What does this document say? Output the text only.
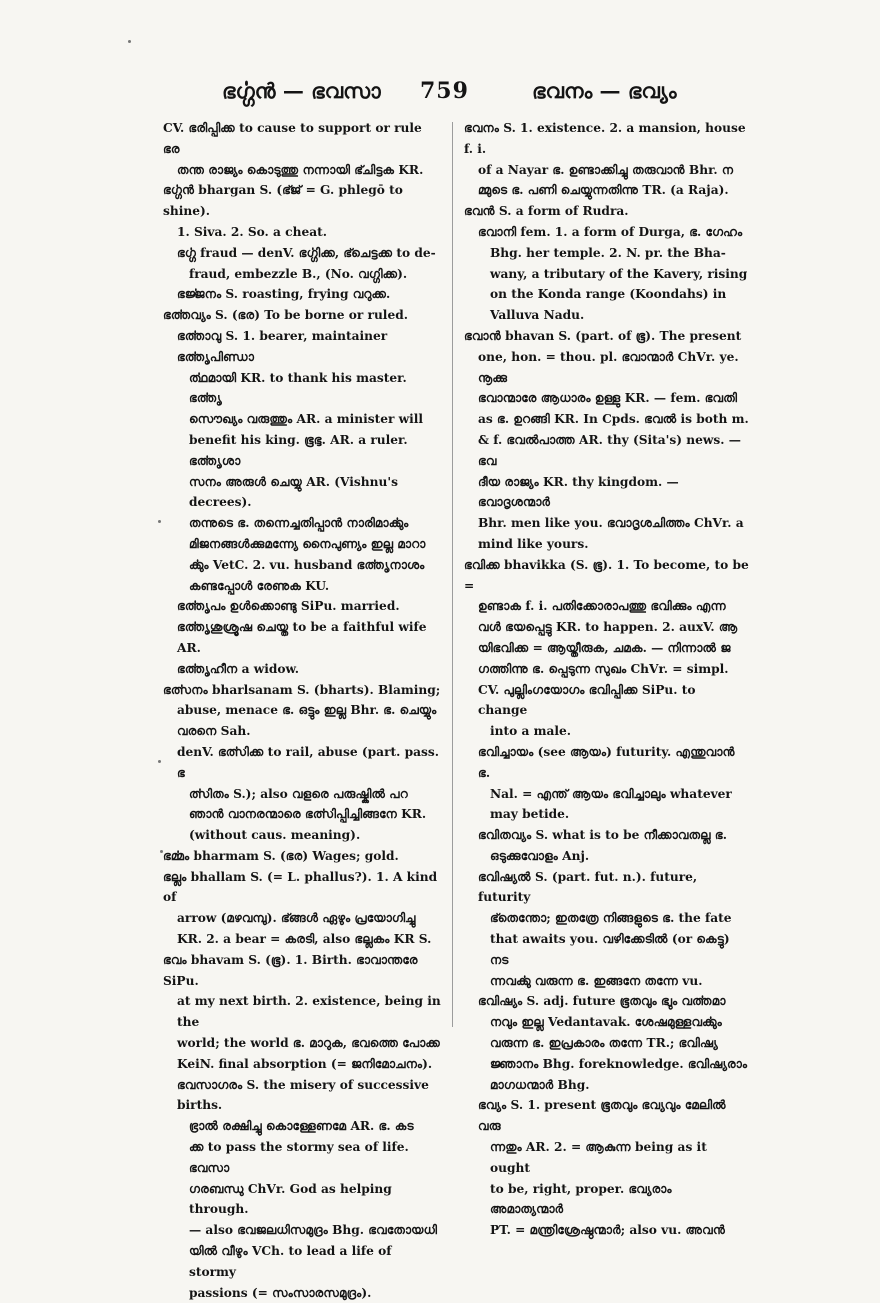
ഭൎഗ്ഗൻ — ഭവസാ 759	ഭവനം — ഭവ്യം
CV. ഭരിപ്പിക്ക to cause to support or rule ഭര
തന്ത രാജ്യം കൊടുത്തു നന്നായി ഭ്ചിട്ടക KR.
ഭൎഗ്ഗൻ bhargan S. (ഭ്ജ് = G. phlegō to shine).
1. Siva. 2. So. a cheat.
ഭൎഗ്ഗ fraud — denV. ഭൎഗ്ഗിക്ക, ഭ്ചെട്ടക്ക to de-
fraud, embezzle B., (No. വഗ്ഗിക്ക).
ഭൎജ്ജനം S. roasting, frying വറുക്ക.
ഭൎത്തവ്യം S. (ഭര) To be borne or ruled.
ഭൎത്താവു S. 1. bearer, maintainer ഭൎത്തൃപിണ്ഡാ
ൎത്ഥമായി KR. to thank his master. ഭൎത്തൃ
സൌഖ്യം വരുത്തും AR. a minister will
benefit his king. ഭൂഭ്ഭ. AR. a ruler. ഭൎത്തൃശാ
സനം അരുൾ ചെയ്യു AR. (Vishnu's decrees).
തന്നുടെ ഭ. തന്നെച്ചതിപ്പാൻ നാരിമാൎക്കും
മിജനങ്ങൾക്കുമന്ന്യേ നൈപുണ്യം ഇല്ല മാറാ
ൎക്കും VetC. 2. vu. husband ഭൎത്തൃനാശം
കണ്ടപ്പോൾ രേണുക KU.
ഭൎത്തൃപം ഉൾക്കൊണ്ടു SiPu. married.
ഭൎത്തൃശുശ്രൂഷ ചെയ്ത to be a faithful wife AR.
ഭൎത്തൃഹീന a widow.
ഭൎത്സനം bharlsanam S. (bharts). Blaming;
abuse, menace ഭ. ഒട്ടും ഇല്ല Bhr. ഭ. ചെയ്യും
വരനെ Sah.
denV. ഭൎത്സിക്ക to rail, abuse (part. pass. ഭ
ൎത്സിതം S.); also വളരെ പരുഷ്കിൽ പറ
ഞാൻ വാനരന്മാരെ ഭൎത്സിപ്പിച്ചിങ്ങനേ KR.
(without caus. meaning).
ഭൎമ്മം bharmam S. (ഭര) Wages; gold.
ഭല്ലം bhallam S. (= L. phallus?). 1. A kind of
arrow (മഴവമ്പു). ഭ്ങ്ങൾ ഏഴും പ്രയോഗിച്ചു
KR. 2. a bear = കരടി, also ഭല്ലകം KR S.
ഭവം bhavam S. (ഭൂ). 1. Birth. ഭാവാന്തരേ SiPu.
at my next birth. 2. existence, being in the
world; the world ഭ. മാറുക, ഭവത്തെ പോക്ക
KeiN. final absorption (= ജനിമോചനം).
ഭവസാഗരം S. the misery of successive births.
ഭ്രാൽ രക്ഷിച്ചു കൊള്ളേണമേ AR. ഭ. കട
ക്ക to pass the stormy sea of life. ഭവസാ
ഗരബന്ധു ChVr. God as helping through.
— also ഭവജലധിസമുദ്രം Bhg. ഭവതോയധി
യിൽ വീഴും VCh. to lead a life of stormy
passions (= സംസാരസമുദ്രം).
ഭവനം S. 1. existence. 2. a mansion, house f. i.
of a Nayar ഭ. ഉണ്ടാക്കിച്ചു തരുവാൻ Bhr. ന
മ്മുടെ ഭ. പണി ചെയ്യുന്നതിന്നു TR. (a Raja).
ഭവൻ S. a form of Rudra.
ഭവാനി fem. 1. a form of Durga, ഭ. ഗേഹം
Bhg. her temple. 2. N. pr. the Bha-
wany, a tributary of the Kavery, rising
on the Konda range (Koondahs) in
Valluva Nadu.
ഭവാൻ bhavan S. (part. of ഭൂ). The present
one, hon. = thou. pl. ഭവാന്മാർ ChVr. ye. നൂക്കു
ഭവാന്മാരേ ആധാരം ഉള്ളു KR. — fem. ഭവതി
as ഭ. ഉറങ്ങി KR. In Cpds. ഭവൽ is both m.
& f. ഭവൽപാത്ത AR. thy (Sita's) news. — ഭവ
ദീയ രാജ്യം KR. thy kingdom. — ഭവാദൃശന്മാർ
Bhr. men like you. ഭവാദൃശചിത്തം ChVr. a
mind like yours.
ഭവിക്ക bhavikka (S. ഭൂ). 1. To become, to be =
ഉണ്ടാക f. i. പതിക്കോരാപത്തു ഭവിക്കും എന്ന
വൾ ഭയപ്പെട്ടു KR. to happen. 2. auxV. ആ
യിഭവിക്ക = ആയ്തീരുക, ചമക. — നിന്നാൽ ജ
ഗത്തിന്നു ഭ. പ്പെടുന്ന സുഖം ChVr. = simpl.
CV. പുല്ലിംഗയോഗം ഭവിപ്പിക്ക SiPu. to change
into a male.
ഭവിച്ചായം (see ആയം) futurity. എന്തുവാൻ ഭ.
Nal. = എന്ത് ആയം ഭവിച്ചാലും whatever
may betide.
ഭവിതവ്യം S. what is to be നീക്കാവതല്ല ഭ.
ഒടുക്കുവോളം Anj.
ഭവിഷ്യൽ S. (part. fut. n.). future, futurity
ഭ്തെന്തോ; ഇതത്രേ നിങ്ങളുടെ ഭ. the fate
that awaits you. വഴിക്കേടിൽ (or കെട്ടു) നട
ന്നവൎക്കു വരുന്ന ഭ. ഇങ്ങനേ തന്നേ vu.
ഭവിഷ്യം S. adj. future ഭൂതവും ഭ്വും വൎത്തമാ
നവും ഇല്ല Vedantavak. ശേഷമുള്ളവൎക്കും
വരുന്ന ഭ. ഇപ്രകാരം തന്നേ TR.; ഭവിഷ്യ
ജ്ഞാനം Bhg. foreknowledge. ഭവിഷ്യരാം
മാഗധന്മാർ Bhg.
ഭവ്യം S. 1. present ഭൂതവും ഭവ്യവും മേലിൽ വരു
ന്നതും AR. 2. = ആകുന്ന being as it ought
to be, right, proper. ഭവ്യരാം അമാത്യന്മാർ
PT. = മന്ത്രിശ്രേഷ്ഠന്മാർ; also vu. അവൻ
